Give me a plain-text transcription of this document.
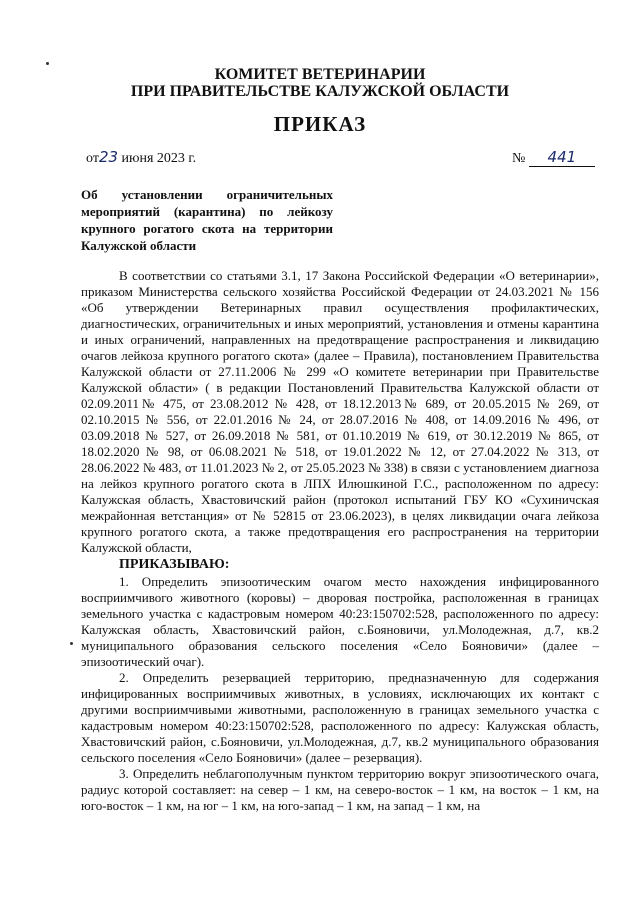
КОМИТЕТ ВЕТЕРИНАРИИ
ПРИ ПРАВИТЕЛЬСТВЕ КАЛУЖСКОЙ ОБЛАСТИ
ПРИКАЗ
от23 июня 2023 г.	№ 441
Об установлении ограничительных мероприятий (карантина) по лейкозу крупного рогатого скота на территории Калужской области

В соответствии со статьями 3.1, 17 Закона Российской Федерации «О ветеринарии», приказом Министерства сельского хозяйства Российской Федерации от 24.03.2021 № 156 «Об утверждении Ветеринарных правил осуществления профилактических, диагностических, ограничительных и иных мероприятий, установления и отмены карантина и иных ограничений, направленных на предотвращение распространения и ликвидацию очагов лейкоза крупного рогатого скота» (далее – Правила), постановлением Правительства Калужской области от 27.11.2006 № 299 «О комитете ветеринарии при Правительстве Калужской области» ( в редакции Постановлений Правительства Калужской области от 02.09.2011№ 475, от 23.08.2012 № 428, от 18.12.2013№ 689, от 20.05.2015 № 269, от 02.10.2015 № 556, от 22.01.2016 № 24, от 28.07.2016 № 408, от 14.09.2016 № 496, от 03.09.2018 № 527, от 26.09.2018 № 581, от 01.10.2019 № 619, от 30.12.2019 № 865, от 18.02.2020 № 98, от 06.08.2021 № 518, от 19.01.2022 № 12, от 27.04.2022 № 313, от 28.06.2022 № 483, от 11.01.2023 № 2, от 25.05.2023 № 338) в связи с установлением диагноза на лейкоз крупного рогатого скота в ЛПХ Илюшкиной Г.С., расположенном по адресу: Калужская область, Хвастовичский район (протокол испытаний ГБУ КО «Сухиничская межрайонная ветстанция» от № 52815 от 23.06.2023), в целях ликвидации очага лейкоза крупного рогатого скота, а также предотвращения его распространения на территории Калужской области,

ПРИКАЗЫВАЮ:

1. Определить эпизоотическим очагом место нахождения инфицированного восприимчивого животного (коровы) – дворовая постройка, расположенная в границах земельного участка с кадастровым номером 40:23:150702:528, расположенного по адресу: Калужская область, Хвастовичский район, с.Бояновичи, ул.Молодежная, д.7, кв.2 муниципального образования сельского поселения «Село Бояновичи» (далее – эпизоотический очаг).

2. Определить резервацией территорию, предназначенную для содержания инфицированных восприимчивых животных, в условиях, исключающих их контакт с другими восприимчивыми животными, расположенную в границах земельного участка с кадастровым номером 40:23:150702:528, расположенного по адресу: Калужская область, Хвастовичский район, с.Бояновичи, ул.Молодежная, д.7, кв.2 муниципального образования сельского поселения «Село Бояновичи» (далее – резервация).

3. Определить неблагополучным пунктом территорию вокруг эпизоотического очага, радиус которой составляет: на север – 1 км, на северо-восток – 1 км, на восток – 1 км, на юго-восток – 1 км, на юг – 1 км, на юго-запад – 1 км, на запад – 1 км, на
